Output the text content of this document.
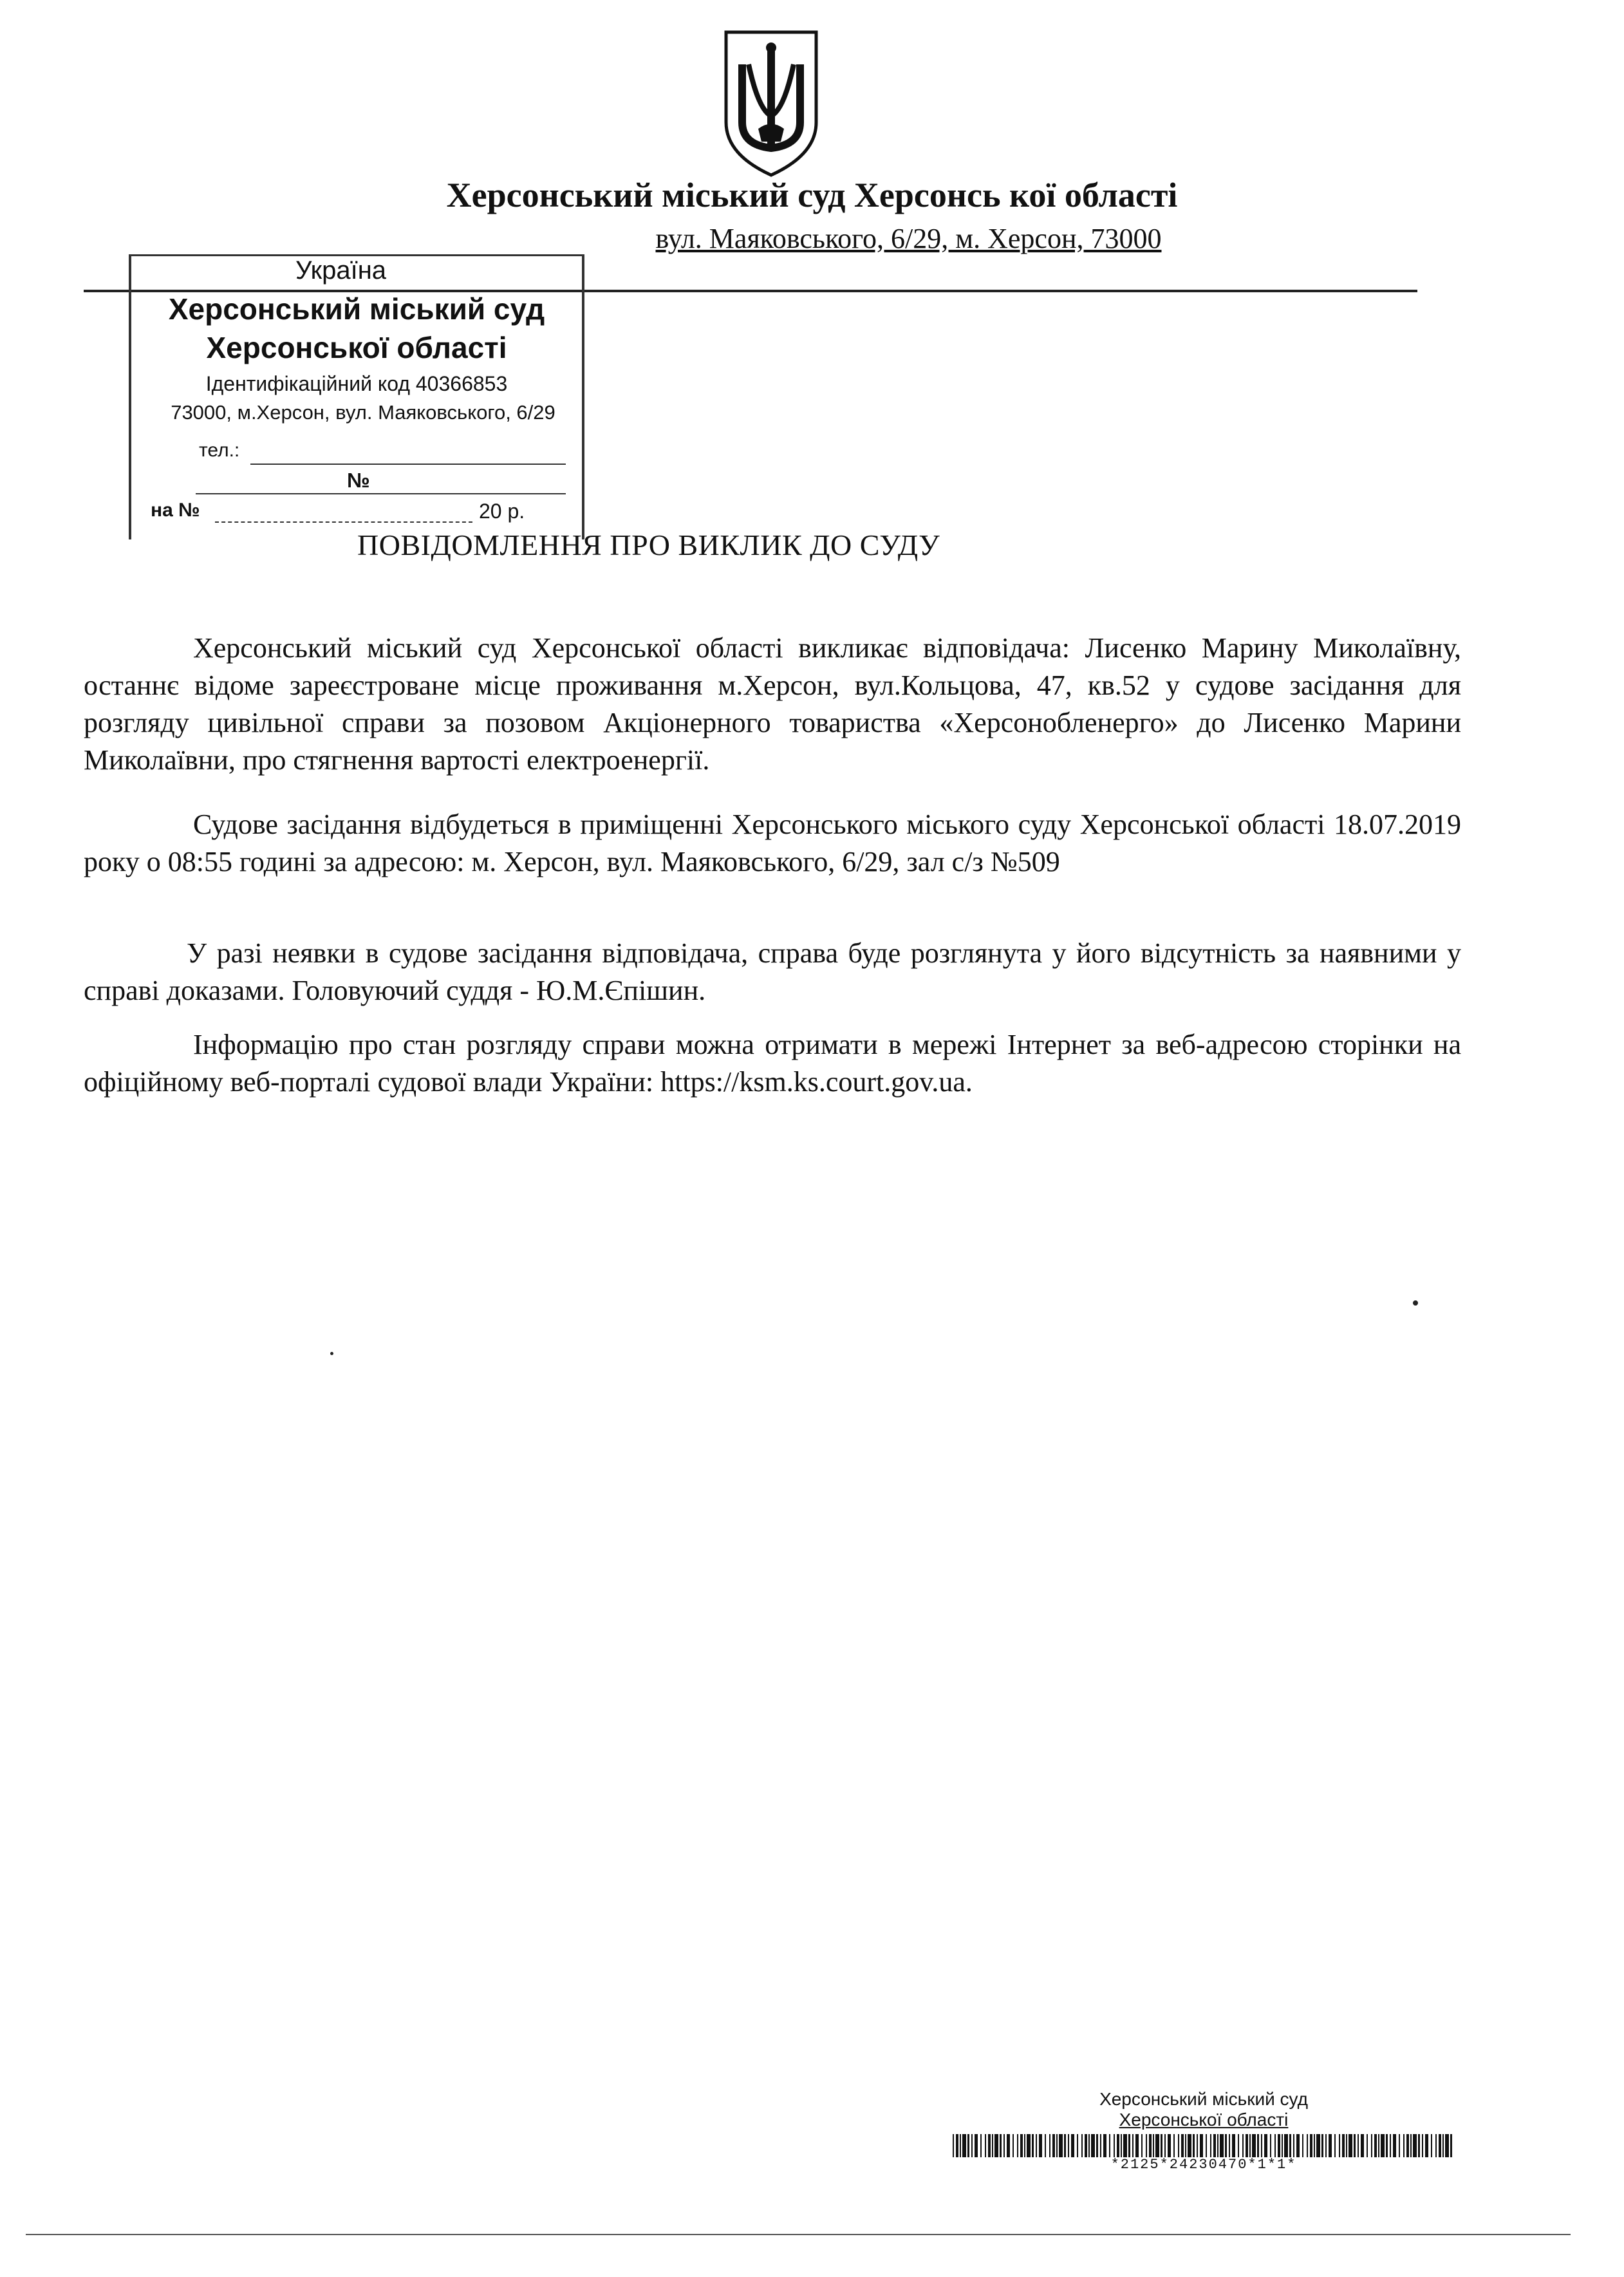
Херсонський міський суд Херсонсь кої області
вул. Маяковського, 6/29, м. Херсон, 73000
Україна
Херсонський міський суд
Херсонської області
Ідентифікаційний код 40366853
73000, м.Херсон, вул. Маяковського, 6/29
тел.:
№
на №	20 р.
ПОВІДОМЛЕННЯ ПРО ВИКЛИК ДО СУДУ
Херсонський міський суд Херсонської області викликає відповідача: Лисенко Марину Миколаївну, останнє відоме зареєстроване місце проживання м.Херсон, вул.Кольцова, 47, кв.52 у судове засідання для розгляду цивільної справи за позовом Акціонерного товариства «Херсонобленерго» до Лисенко Марини Миколаївни, про стягнення вартості електроенергії.
Судове засідання відбудеться в приміщенні Херсонського міського суду Херсонської області 18.07.2019 року о 08:55 годині за адресою: м. Херсон, вул. Маяковського, 6/29, зал с/з №509
У разі неявки в судове засідання відповідача, справа буде розглянута у його відсутність за наявними у справі доказами. Головуючий суддя - Ю.М.Єпішин.
Інформацію про стан розгляду справи можна отримати в мережі Інтернет за веб-адресою сторінки на офіційному веб-порталі судової влади України: https://ksm.ks.court.gov.ua.
Херсонський міський суд
Херсонської області
*2125*24230470*1*1*
